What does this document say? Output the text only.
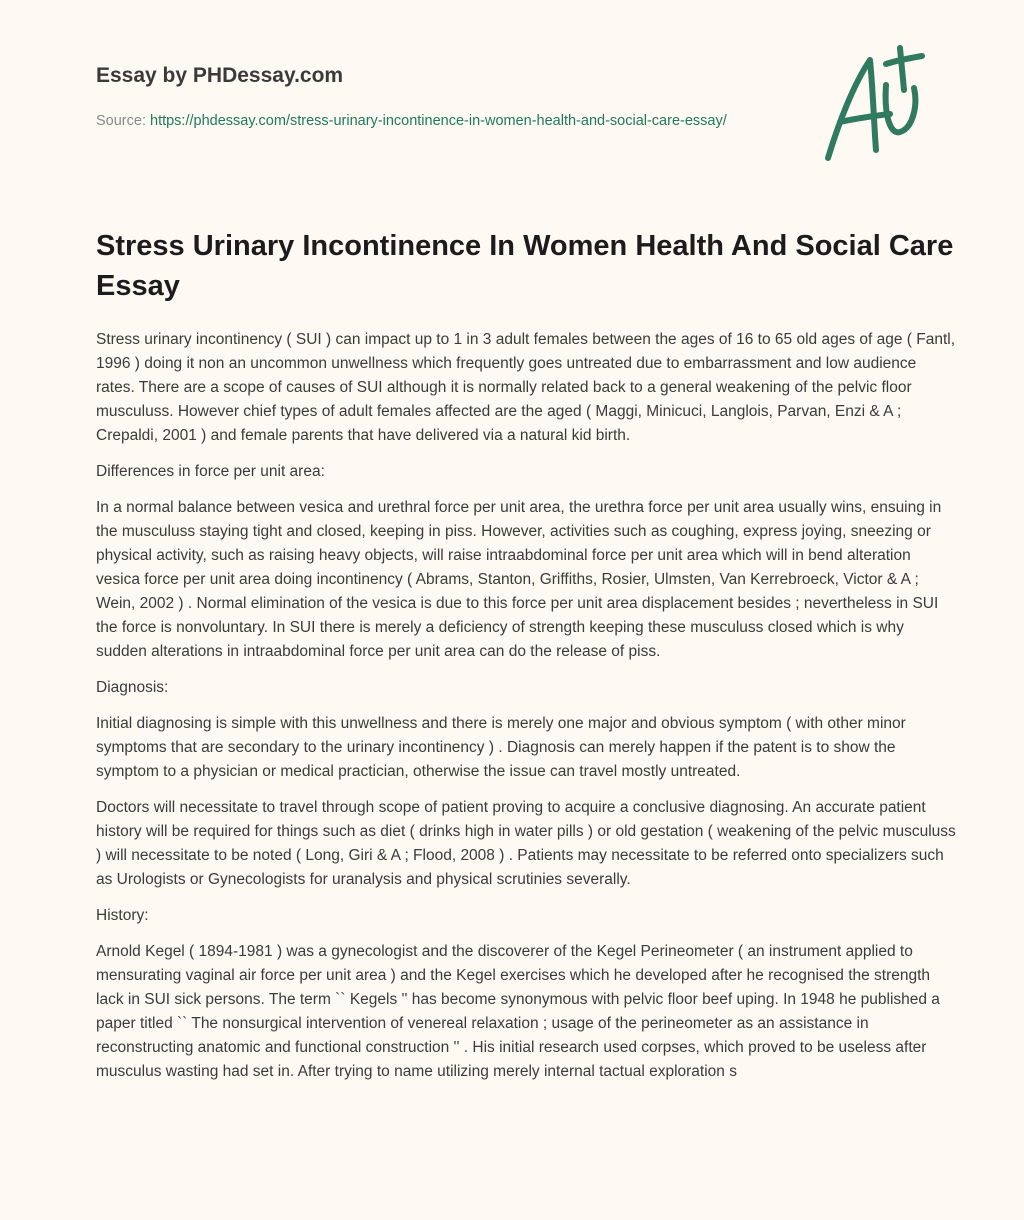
Essay by PHDessay.com

Source: https://phdessay.com/stress-urinary-incontinence-in-women-health-and-social-care-essay/
Stress Urinary Incontinence In Women Health And Social Care Essay

Stress urinary incontinency ( SUI ) can impact up to 1 in 3 adult females between the ages of 16 to 65 old ages of age ( Fantl, 1996 ) doing it non an uncommon unwellness which frequently goes untreated due to embarrassment and low audience rates. There are a scope of causes of SUI although it is normally related back to a general weakening of the pelvic floor musculuss. However chief types of adult females affected are the aged ( Maggi, Minicuci, Langlois, Parvan, Enzi & A ; Crepaldi, 2001 ) and female parents that have delivered via a natural kid birth.

Differences in force per unit area:

In a normal balance between vesica and urethral force per unit area, the urethra force per unit area usually wins, ensuing in the musculuss staying tight and closed, keeping in piss. However, activities such as coughing, express joying, sneezing or physical activity, such as raising heavy objects, will raise intraabdominal force per unit area which will in bend alteration vesica force per unit area doing incontinency ( Abrams, Stanton, Griffiths, Rosier, Ulmsten, Van Kerrebroeck, Victor & A ; Wein, 2002 ) . Normal elimination of the vesica is due to this force per unit area displacement besides ; nevertheless in SUI the force is nonvoluntary. In SUI there is merely a deficiency of strength keeping these musculuss closed which is why sudden alterations in intraabdominal force per unit area can do the release of piss.

Diagnosis:

Initial diagnosing is simple with this unwellness and there is merely one major and obvious symptom ( with other minor symptoms that are secondary to the urinary incontinency ) . Diagnosis can merely happen if the patent is to show the symptom to a physician or medical practician, otherwise the issue can travel mostly untreated.

Doctors will necessitate to travel through scope of patient proving to acquire a conclusive diagnosing. An accurate patient history will be required for things such as diet ( drinks high in water pills ) or old gestation ( weakening of the pelvic musculuss ) will necessitate to be noted ( Long, Giri & A ; Flood, 2008 ) . Patients may necessitate to be referred onto specializers such as Urologists or Gynecologists for uranalysis and physical scrutinies severally.

History:

Arnold Kegel ( 1894-1981 ) was a gynecologist and the discoverer of the Kegel Perineometer ( an instrument applied to mensurating vaginal air force per unit area ) and the Kegel exercises which he developed after he recognised the strength lack in SUI sick persons. The term `` Kegels '' has become synonymous with pelvic floor beef uping. In 1948 he published a paper titled `` The nonsurgical intervention of venereal relaxation ; usage of the perineometer as an assistance in reconstructing anatomic and functional construction '' . His initial research used corpses, which proved to be useless after musculus wasting had set in. After trying to name utilizing merely internal tactual exploration s
